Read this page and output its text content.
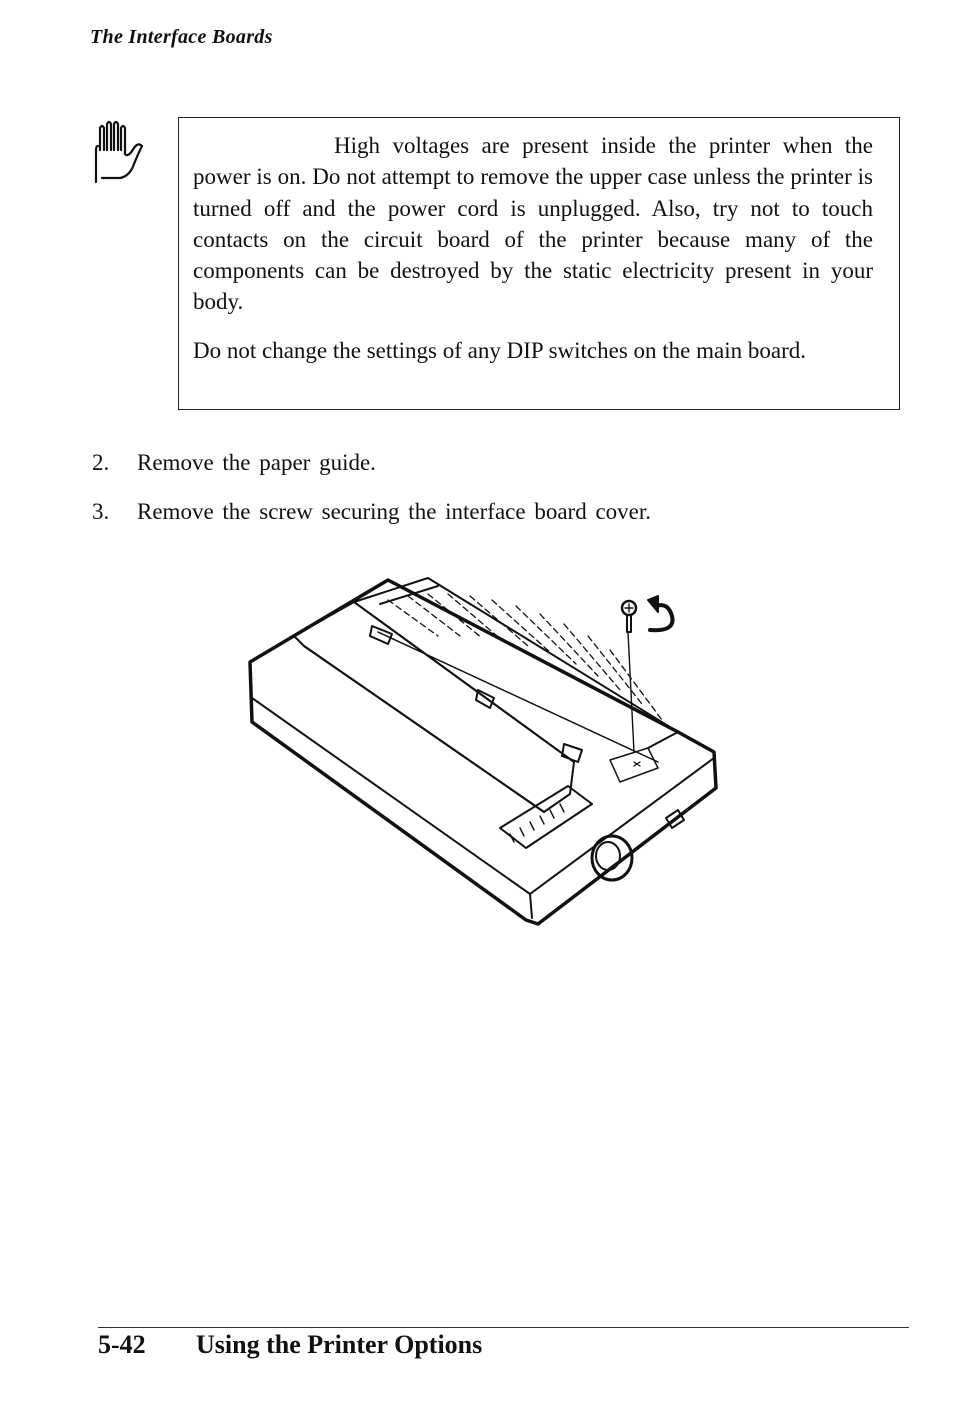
The Interface Boards

High voltages are present inside the printer when the power is on. Do not attempt to remove the upper case unless the printer is turned off and the power cord is unplugged. Also, try not to touch contacts on the circuit board of the printer because many of the components can be destroyed by the static electricity present in your body.

Do not change the settings of any DIP switches on the main board.

2.	Remove the paper guide.
3.	Remove the screw securing the interface board cover.
5-42 Using the Printer Options
